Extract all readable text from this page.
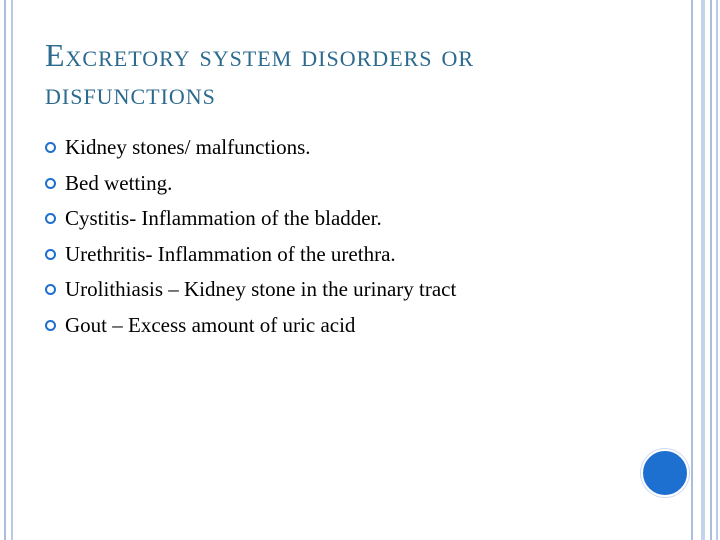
Excretory system disorders or disfunctions
Kidney stones/ malfunctions.
Bed wetting.
Cystitis- Inflammation of the bladder.
Urethritis- Inflammation of the urethra.
Urolithiasis – Kidney stone in the urinary tract
Gout – Excess amount of uric acid
